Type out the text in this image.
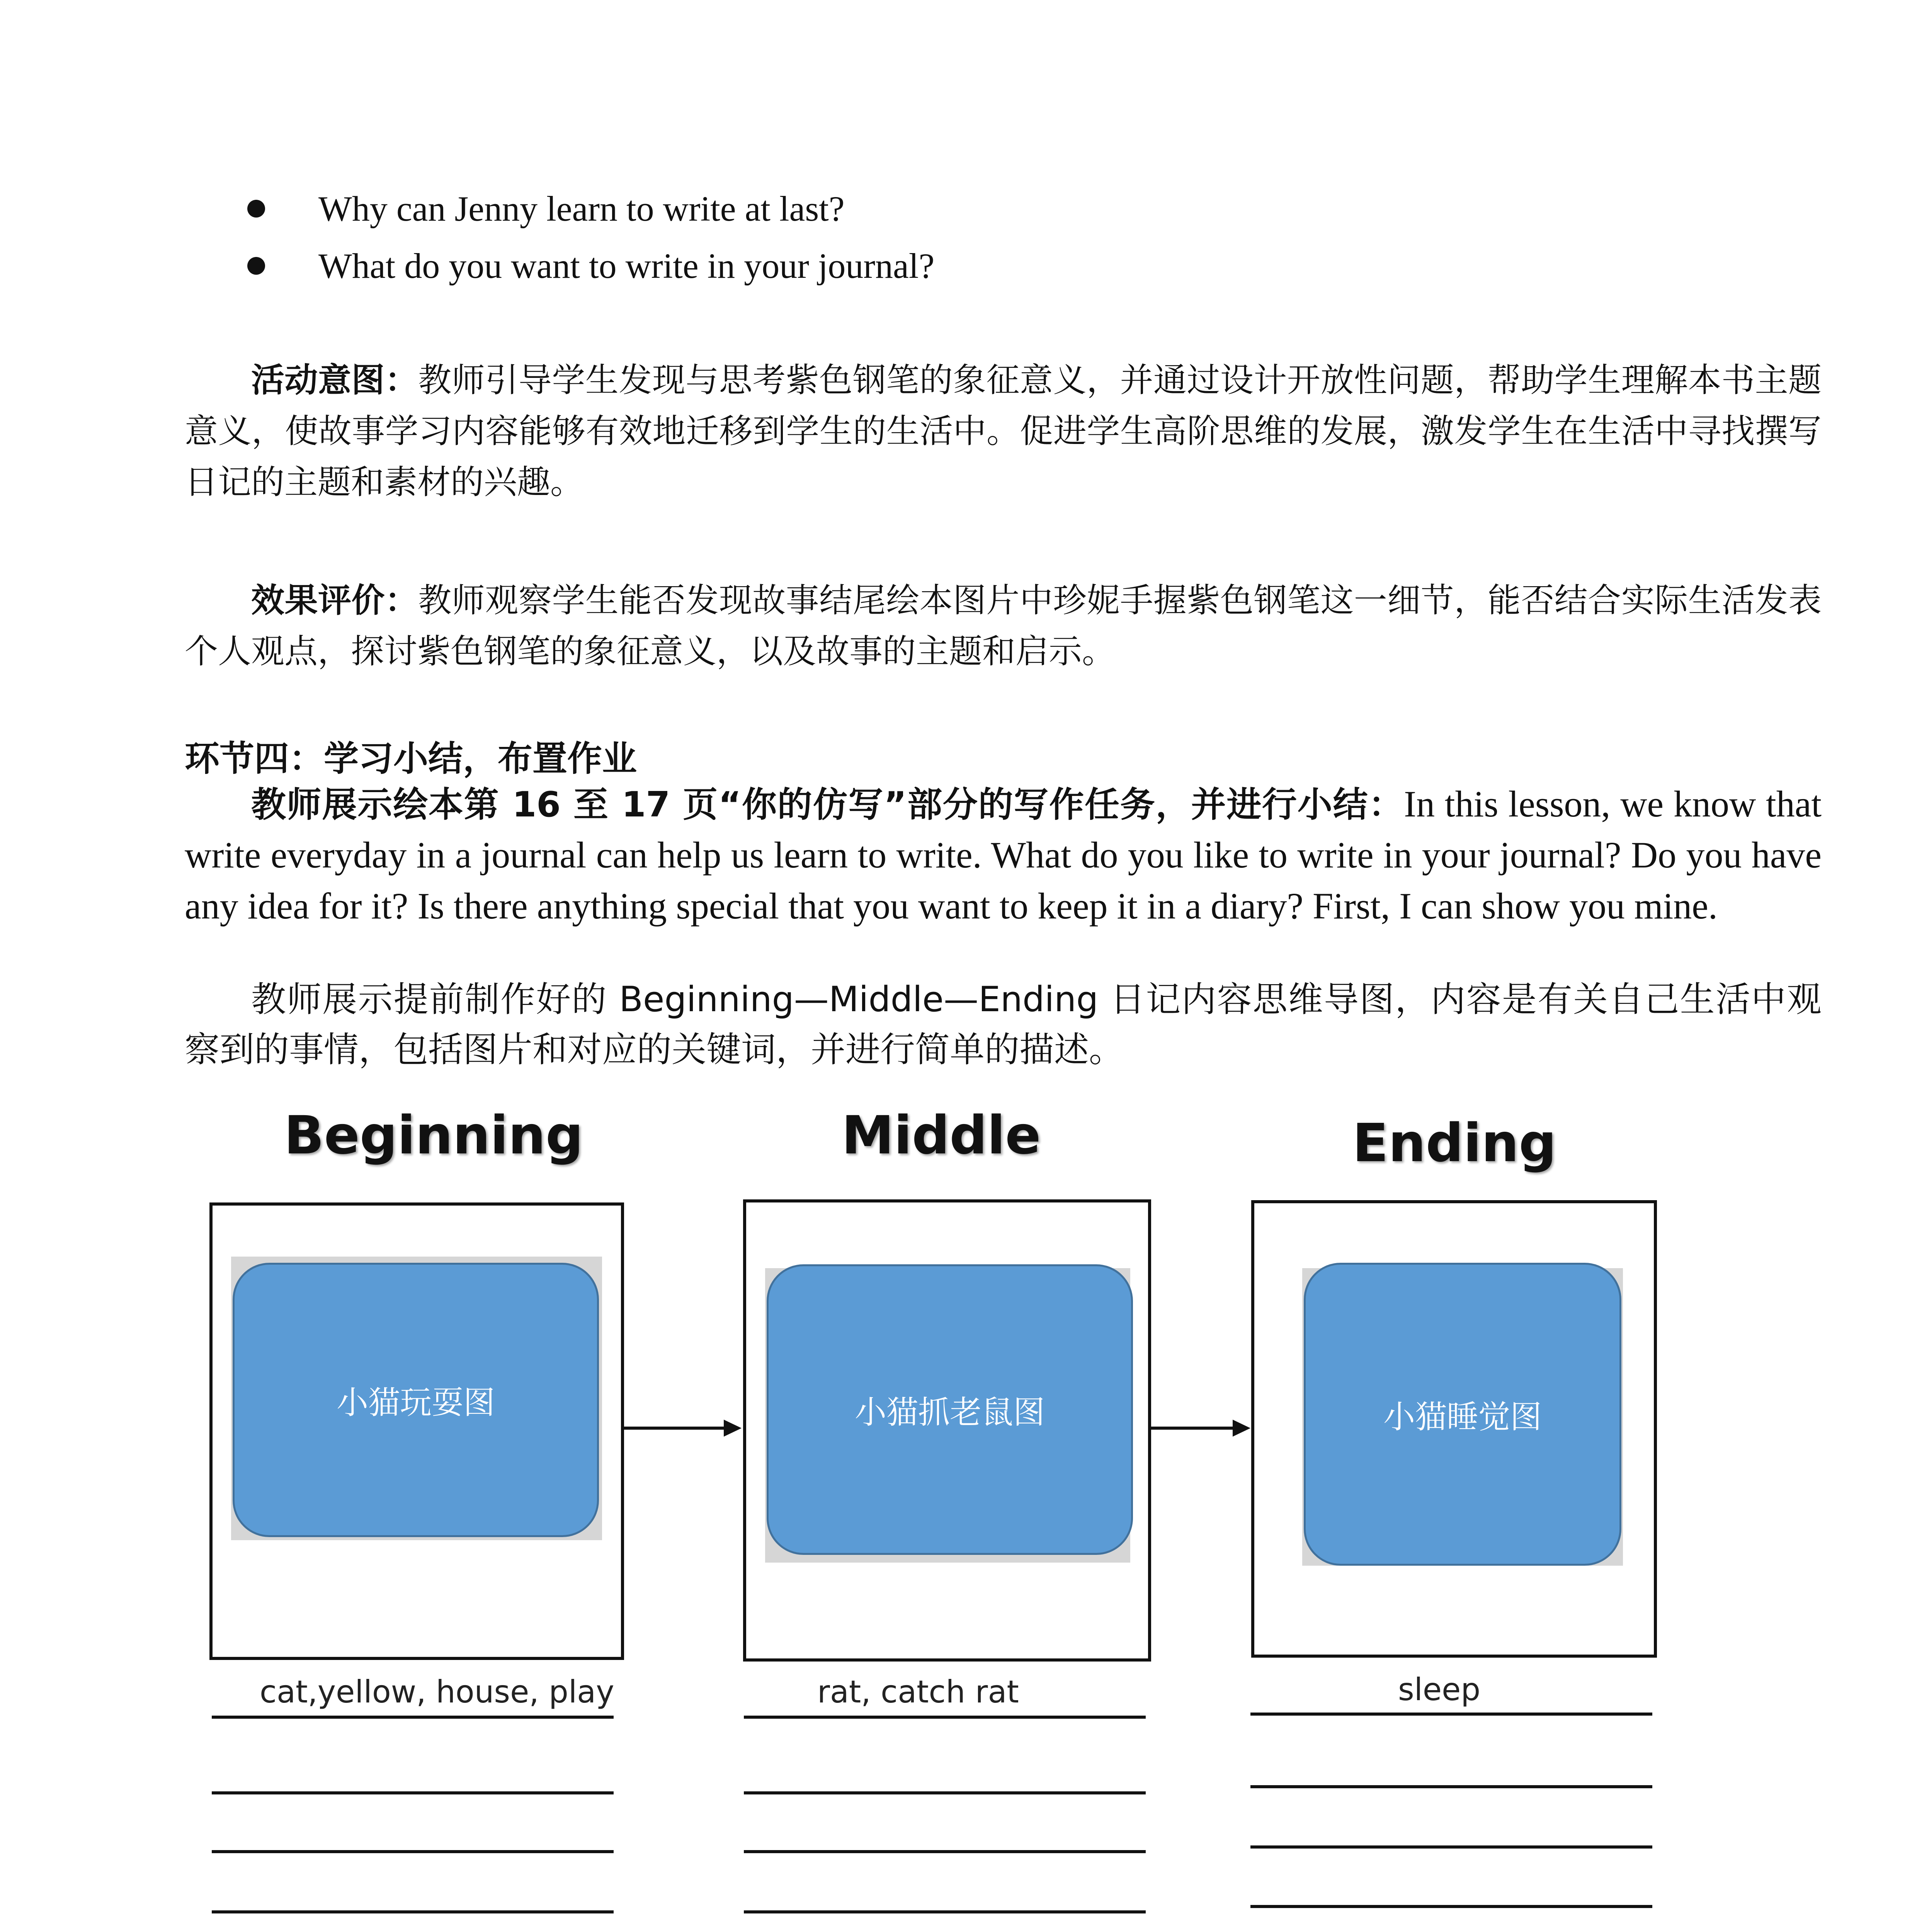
Why can Jenny learn to write at last?
What do you want to write in your journal?
活动意图：教师引导学生发现与思考紫色钢笔的象征意义，并通过设计开放性问题，帮助学生理解本书主题意义，使故事学习内容能够有效地迁移到学生的生活中。促进学生高阶思维的发展，激发学生在生活中寻找撰写日记的主题和素材的兴趣。
效果评价：教师观察学生能否发现故事结尾绘本图片中珍妮手握紫色钢笔这一细节，能否结合实际生活发表个人观点，探讨紫色钢笔的象征意义，以及故事的主题和启示。
环节四：学习小结，布置作业
教师展示绘本第 16 至 17 页“你的仿写”部分的写作任务，并进行小结：In this lesson, we know that write everyday in a journal can help us learn to write. What do you like to write in your journal? Do you have any idea for it? Is there anything special that you want to keep it in a diary? First, I can show you mine.
教师展示提前制作好的 Beginning—Middle—Ending 日记内容思维导图，内容是有关自己生活中观察到的事情，包括图片和对应的关键词，并进行简单的描述。
Beginning	Middle	Ending
小猫玩耍图	小猫抓老鼠图	小猫睡觉图
cat,yellow, house, play	rat, catch rat	sleep
